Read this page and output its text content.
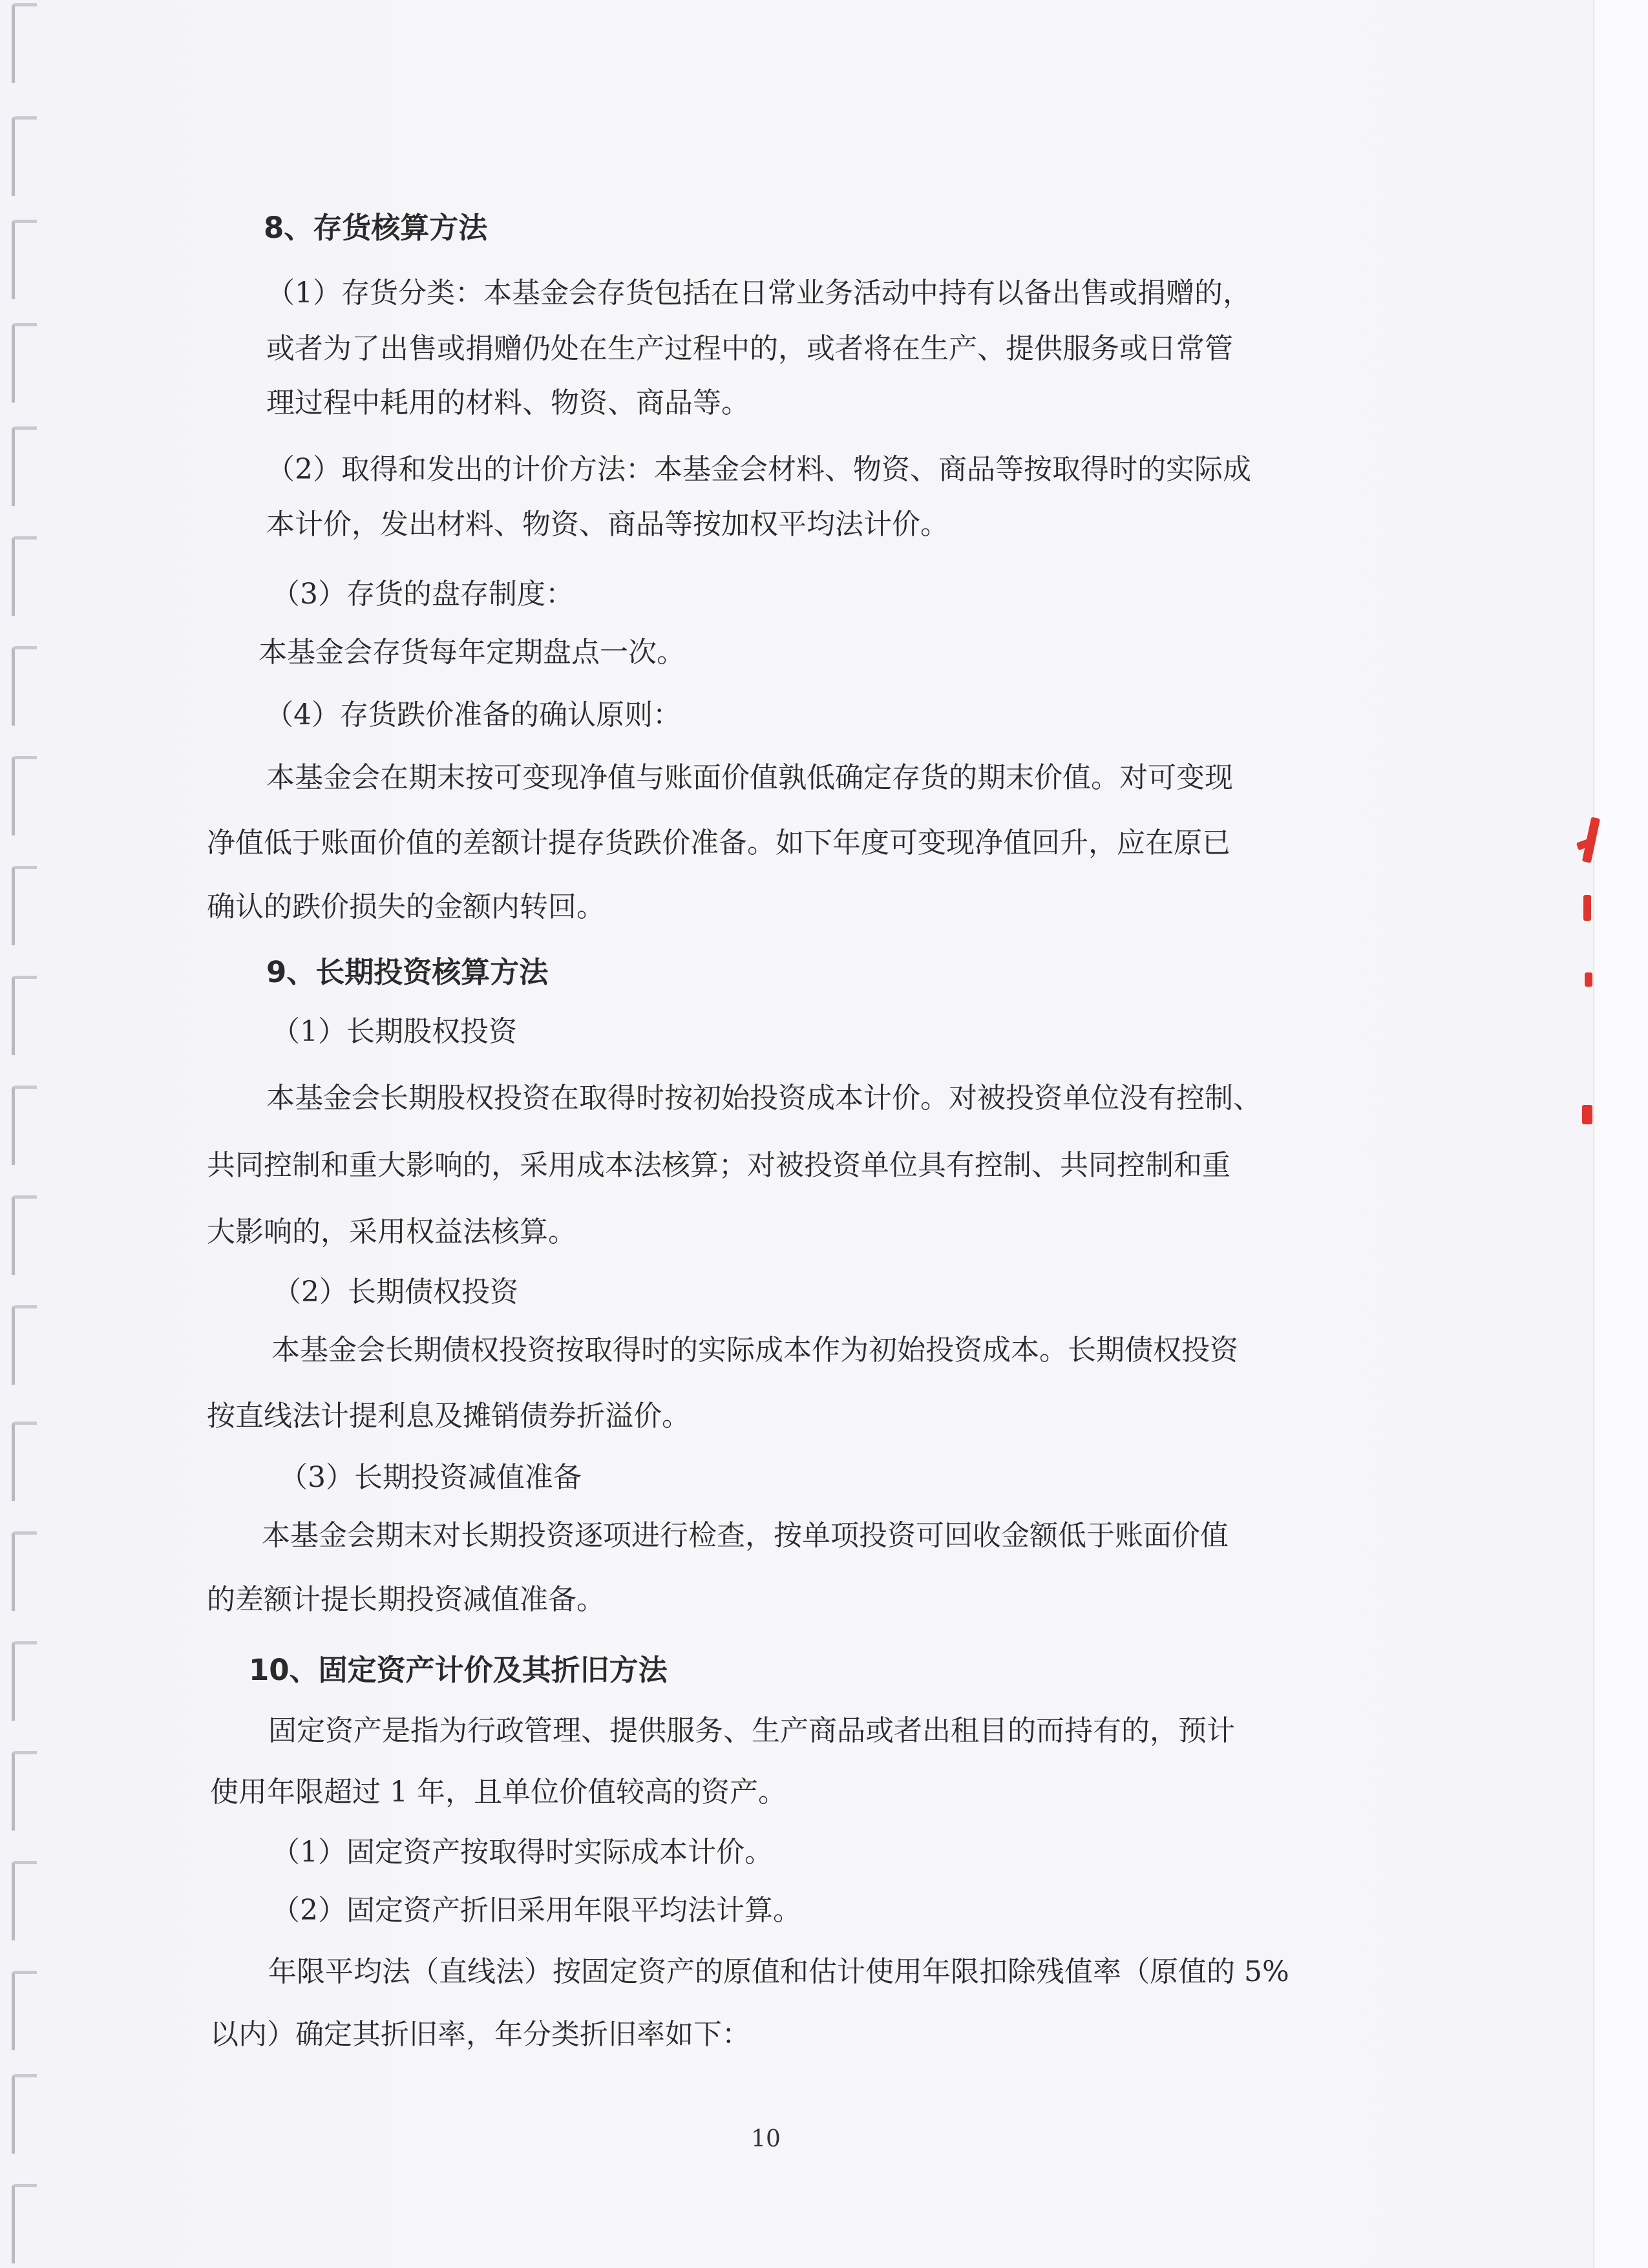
8、存货核算方法
（1）存货分类：本基金会存货包括在日常业务活动中持有以备出售或捐赠的，
或者为了出售或捐赠仍处在生产过程中的，或者将在生产、提供服务或日常管
理过程中耗用的材料、物资、商品等。
（2）取得和发出的计价方法：本基金会材料、物资、商品等按取得时的实际成
本计价，发出材料、物资、商品等按加权平均法计价。
（3）存货的盘存制度：
本基金会存货每年定期盘点一次。
（4）存货跌价准备的确认原则：
本基金会在期末按可变现净值与账面价值孰低确定存货的期末价值。对可变现
净值低于账面价值的差额计提存货跌价准备。如下年度可变现净值回升，应在原已
确认的跌价损失的金额内转回。
9、长期投资核算方法
（1）长期股权投资
本基金会长期股权投资在取得时按初始投资成本计价。对被投资单位没有控制、
共同控制和重大影响的，采用成本法核算；对被投资单位具有控制、共同控制和重
大影响的，采用权益法核算。
（2）长期债权投资
本基金会长期债权投资按取得时的实际成本作为初始投资成本。长期债权投资
按直线法计提利息及摊销债券折溢价。
（3）长期投资减值准备
本基金会期末对长期投资逐项进行检查，按单项投资可回收金额低于账面价值
的差额计提长期投资减值准备。
10、固定资产计价及其折旧方法
固定资产是指为行政管理、提供服务、生产商品或者出租目的而持有的，预计
使用年限超过 1 年，且单位价值较高的资产。
（1）固定资产按取得时实际成本计价。
（2）固定资产折旧采用年限平均法计算。
年限平均法（直线法）按固定资产的原值和估计使用年限扣除残值率（原值的 5%
以内）确定其折旧率，年分类折旧率如下：
10
